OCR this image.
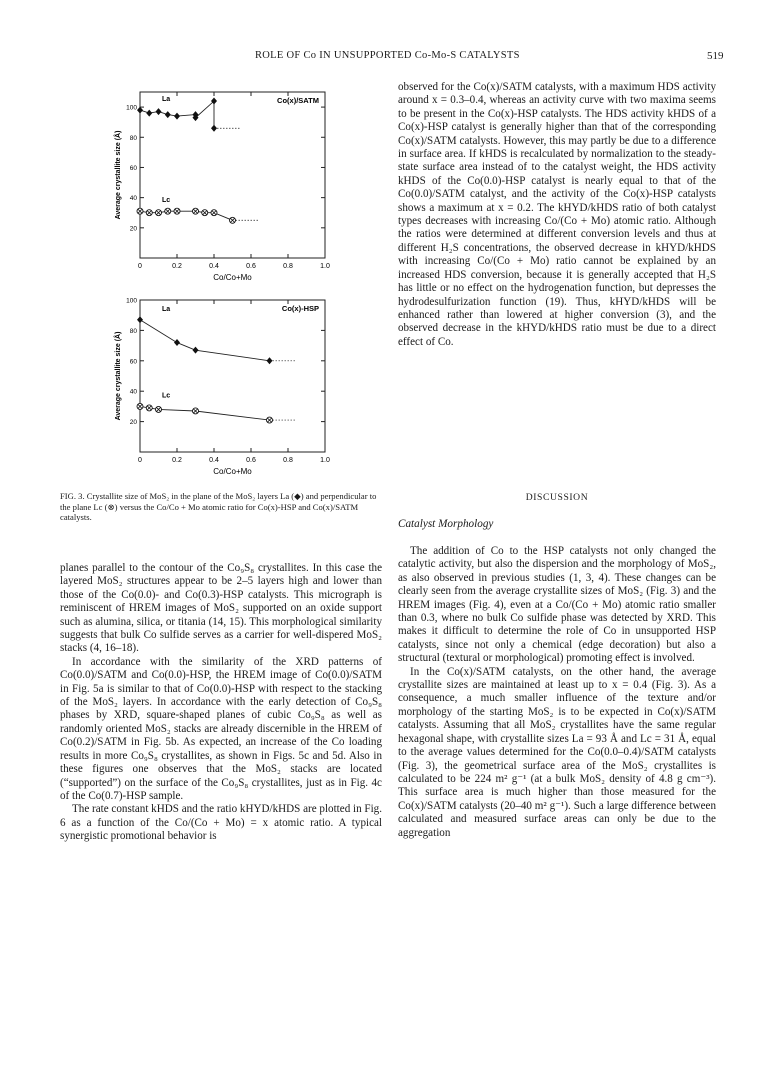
ROLE OF Co IN UNSUPPORTED Co-Mo-S CATALYSTS	519
0	0.2	0.4	0.6	0.8	1.0
20
40
60
80
100
Co(x)/SATM
Co/Co+Mo
Average crystallite size (Å)
La
Lc
0	0.2	0.4	0.6	0.8	1.0
20
40
60
80
100
Co(x)-HSP
Co/Co+Mo
Average crystallite size (Å)
La
Lc
FIG. 3. Crystallite size of MoS₂ in the plane of the MoS₂ layers La (◆) and perpendicular to the plane Lc (⊗) versus the Co/Co + Mo atomic ratio for Co(x)-HSP and Co(x)/SATM catalysts.

observed for the Co(x)/SATM catalysts, with a maximum HDS activity around x = 0.3–0.4, whereas an activity curve with two maxima seems to be present in the Co(x)-HSP catalysts. The HDS activity kHDS of a Co(x)-HSP catalyst is generally higher than that of the corresponding Co(x)/SATM catalysts. However, this may partly be due to a difference in surface area. If kHDS is recalculated by normalization to the steady-state surface area instead of to the catalyst weight, the HDS activity kHDS of the Co(0.0)-HSP catalyst is nearly equal to that of the Co(0.0)/SATM catalyst, and the activity of the Co(x)-HSP catalysts shows a maximum at x = 0.2. The kHYD/kHDS ratio of both catalyst types decreases with increasing Co/(Co + Mo) atomic ratio. Although the ratios were determined at different conversion levels and thus at different H₂S concentrations, the observed decrease in kHYD/kHDS with increasing Co/(Co + Mo) ratio cannot be explained by an increased HDS conversion, because it is generally accepted that H₂S has little or no effect on the hydrogenation function, but depresses the hydrodesulfurization function (19). Thus, kHYD/kHDS will be enhanced rather than lowered at higher conversion (3), and the observed decrease in the kHYD/kHDS ratio must be due to a direct effect of Co.

DISCUSSION
Catalyst Morphology

planes parallel to the contour of the Co₉S₈ crystallites. In this case the layered MoS₂ structures appear to be 2–5 layers high and lower than those of the Co(0.0)- and Co(0.3)-HSP catalysts. This micrograph is reminiscent of HREM images of MoS₂ supported on an oxide support such as alumina, silica, or titania (14, 15). This morphological similarity suggests that bulk Co sulfide serves as a carrier for well-dispered MoS₂ stacks (4, 16–18).

In accordance with the similarity of the XRD patterns of Co(0.0)/SATM and Co(0.0)-HSP, the HREM image of Co(0.0)/SATM in Fig. 5a is similar to that of Co(0.0)-HSP with respect to the stacking of the MoS₂ layers. In accordance with the early detection of Co₉S₈ phases by XRD, square-shaped planes of cubic Co₉S₈ as well as randomly oriented MoS₂ stacks are already discernible in the HREM of Co(0.2)/SATM in Fig. 5b. As expected, an increase of the Co loading results in more Co₉S₈ crystallites, as shown in Figs. 5c and 5d. Also in these figures one observes that the MoS₂ stacks are located (“supported”) on the surface of the Co₉S₈ crystallites, just as in Fig. 4c of the Co(0.7)-HSP sample.

The rate constant kHDS and the ratio kHYD/kHDS are plotted in Fig. 6 as a function of the Co/(Co + Mo) = x atomic ratio. A typical synergistic promotional behavior is

The addition of Co to the HSP catalysts not only changed the catalytic activity, but also the dispersion and the morphology of MoS₂, as also observed in previous studies (1, 3, 4). These changes can be clearly seen from the average crystallite sizes of MoS₂ (Fig. 3) and the HREM images (Fig. 4), even at a Co/(Co + Mo) atomic ratio smaller than 0.3, where no bulk Co sulfide phase was detected by XRD. This makes it difficult to determine the role of Co in unsupported HSP catalysts, since not only a chemical (edge decoration) but also a structural (textural or morphological) promoting effect is involved.

In the Co(x)/SATM catalysts, on the other hand, the average crystallite sizes are maintained at least up to x = 0.4 (Fig. 3). As a consequence, a much smaller influence of the texture and/or morphology of the starting MoS₂ is to be expected in Co(x)/SATM catalysts. Assuming that all MoS₂ crystallites have the same regular hexagonal shape, with crystallite sizes La = 93 Å and Lc = 31 Å, equal to the average values determined for the Co(0.0–0.4)/SATM catalysts (Fig. 3), the geometrical surface area of the MoS₂ crystallites is calculated to be 224 m² g⁻¹ (at a bulk MoS₂ density of 4.8 g cm⁻³). This surface area is much higher than those measured for the Co(x)/SATM catalysts (20–40 m² g⁻¹). Such a large difference between calculated and measured surface areas can only be due to the aggregation
